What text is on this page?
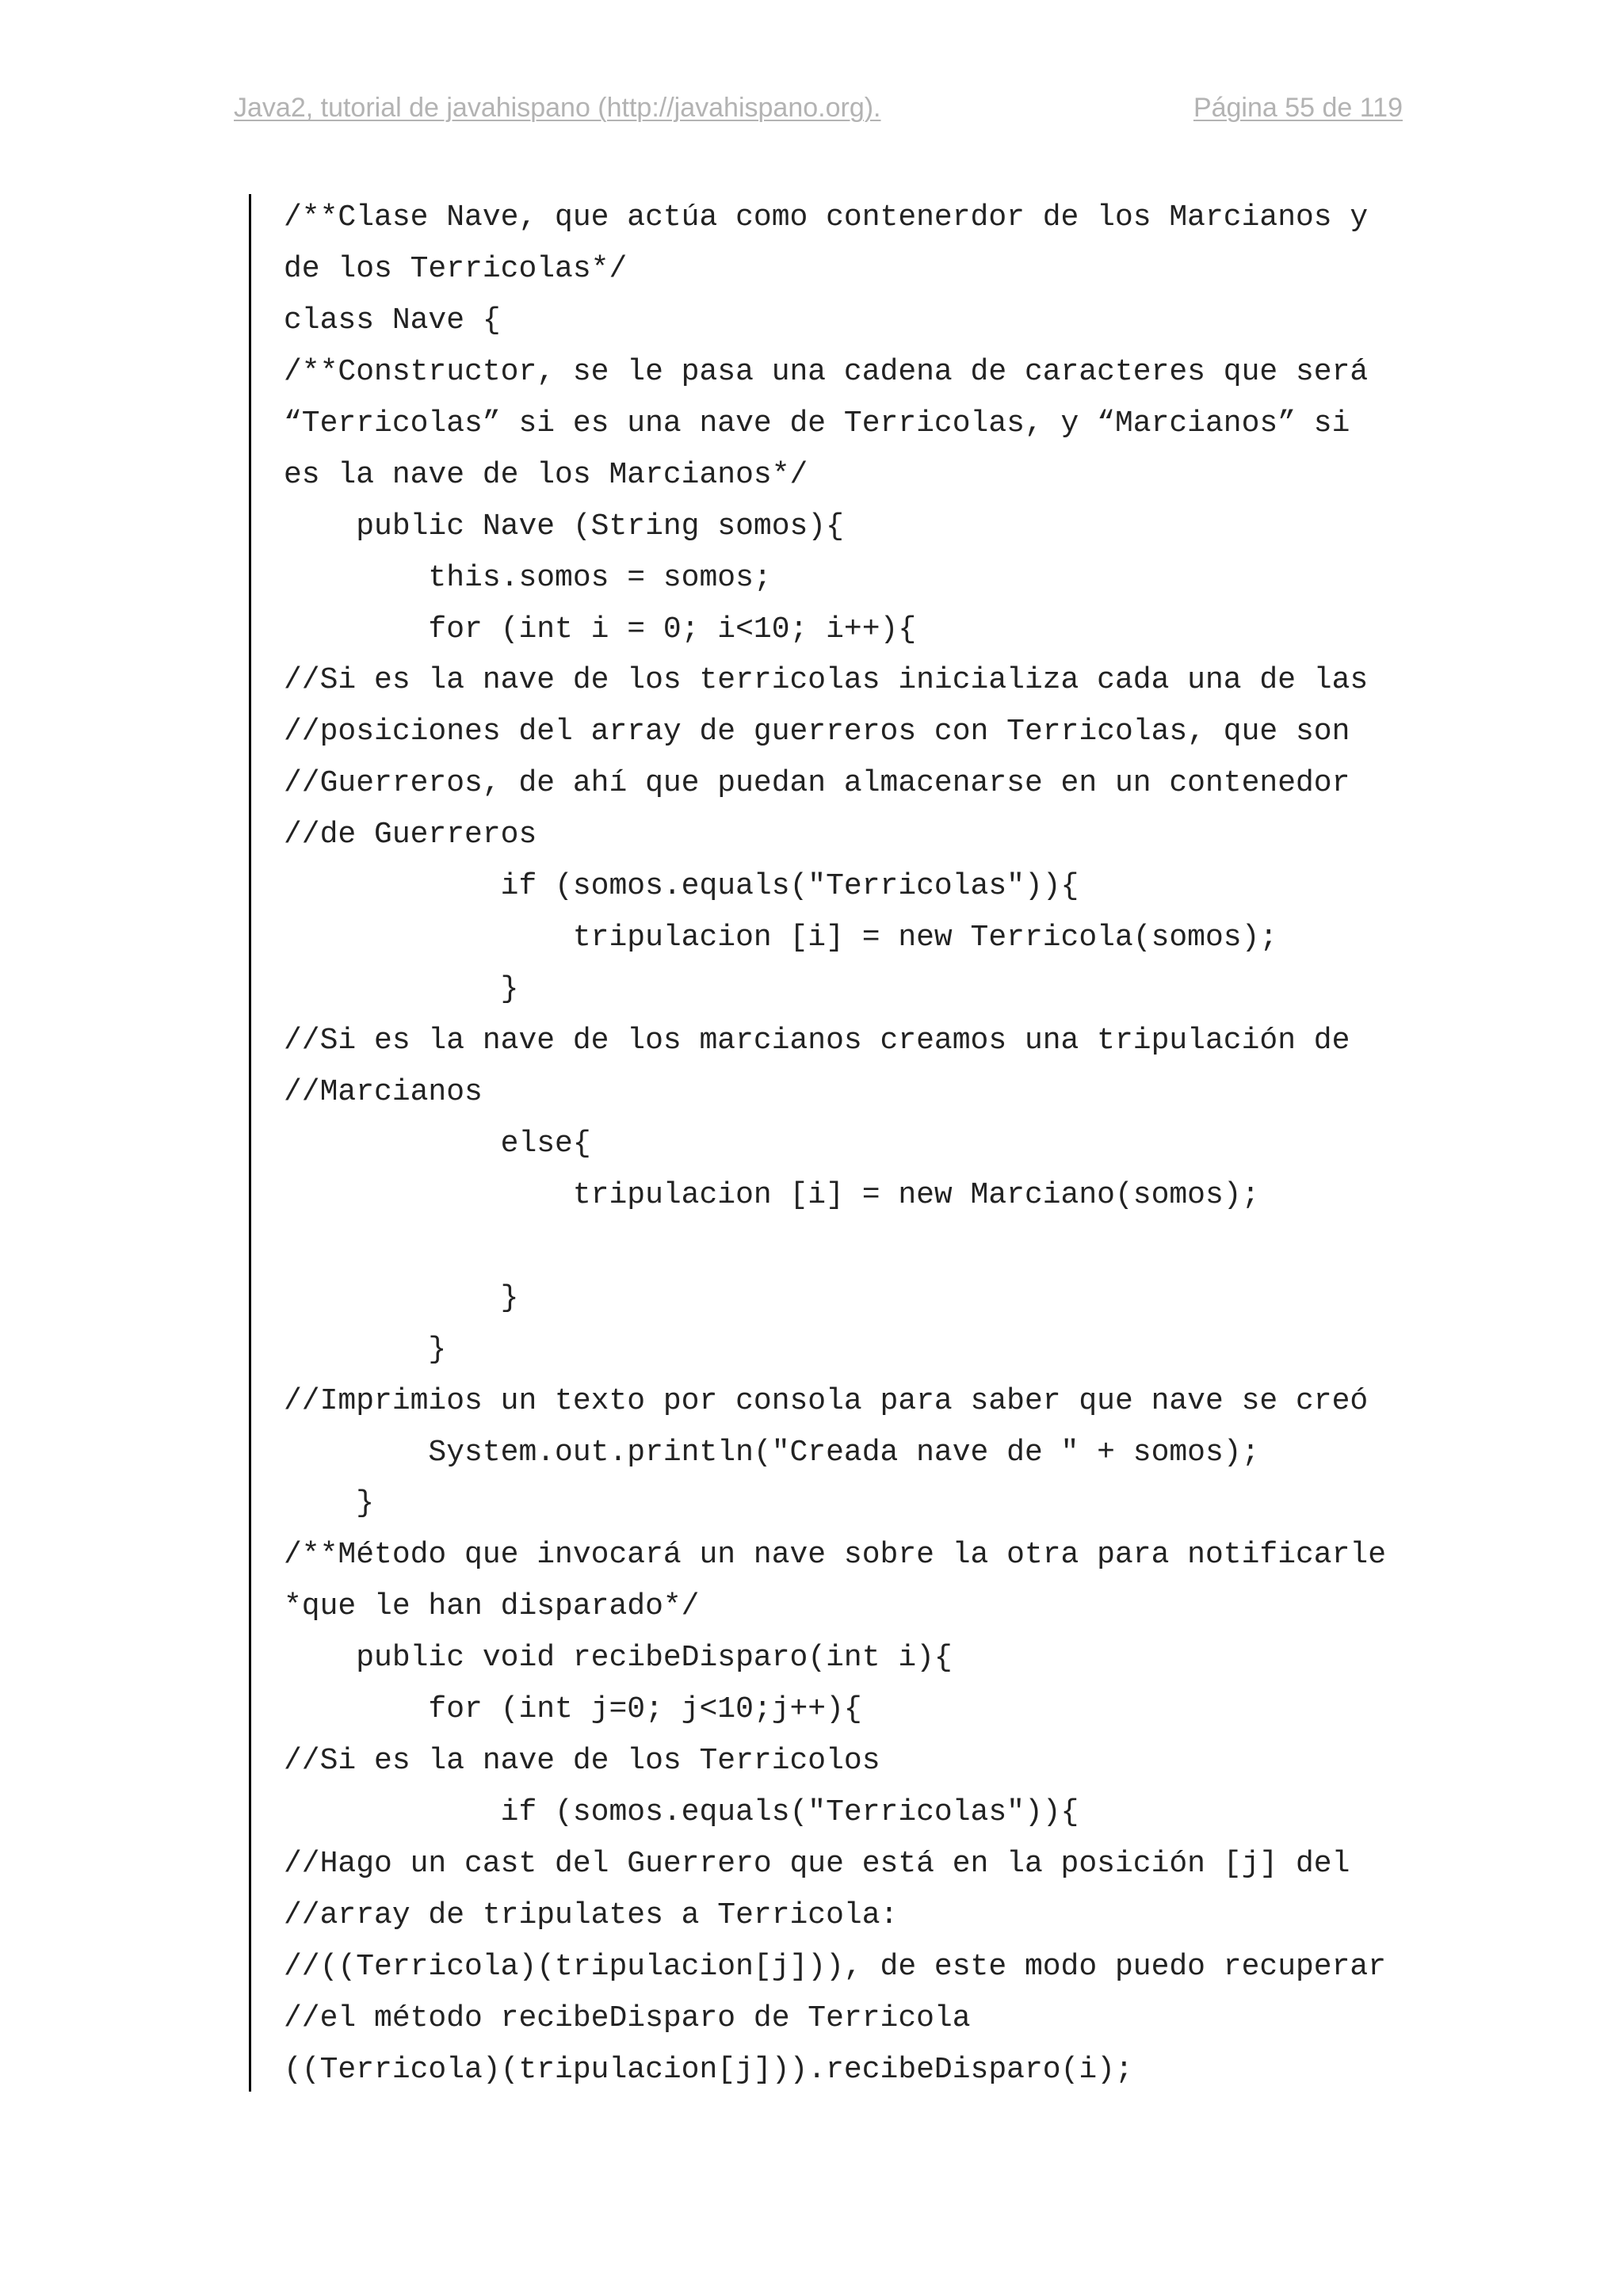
Java2, tutorial de javahispano (http://javahispano.org).	Página 55 de 119
/**Clase Nave, que actúa como contenerdor de los Marcianos y
de los Terricolas*/
class Nave {
/**Constructor, se le pasa una cadena de caracteres que será
“Terricolas” si es una nave de Terricolas, y “Marcianos” si
es la nave de los Marcianos*/
public Nave (String somos){
this.somos = somos;
for (int i = 0; i<10; i++){
//Si es la nave de los terricolas inicializa cada una de las
//posiciones del array de guerreros con Terricolas, que son
//Guerreros, de ahí que puedan almacenarse en un contenedor
//de Guerreros
if (somos.equals("Terricolas")){
tripulacion [i] = new Terricola(somos);
}
//Si es la nave de los marcianos creamos una tripulación de
//Marcianos
else{
tripulacion [i] = new Marciano(somos);
}
}
//Imprimios un texto por consola para saber que nave se creó
System.out.println("Creada nave de " + somos);
}
/**Método que invocará un nave sobre la otra para notificarle
*que le han disparado*/
public void recibeDisparo(int i){
for (int j=0; j<10;j++){
//Si es la nave de los Terricolos
if (somos.equals("Terricolas")){
//Hago un cast del Guerrero que está en la posición [j] del
//array de tripulates a Terricola:
//((Terricola)(tripulacion[j])), de este modo puedo recuperar
//el método recibeDisparo de Terricola
((Terricola)(tripulacion[j])).recibeDisparo(i);
